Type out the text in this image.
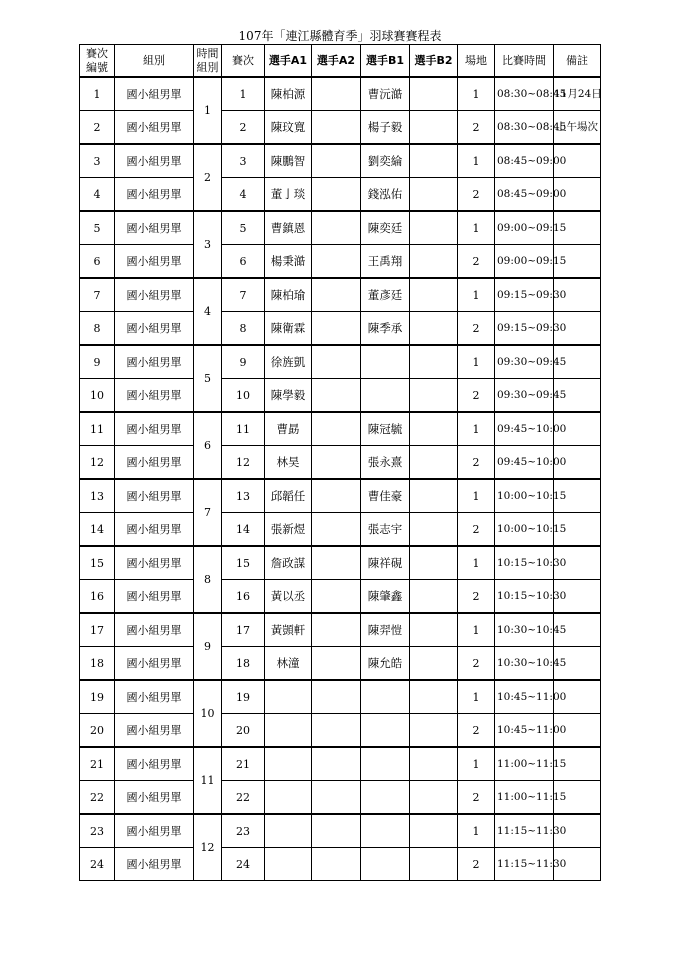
107年「連江縣體育季」羽球賽賽程表
賽次
編號	組別	時間
組別	賽次	選手A1	選手A2	選手B1	選手B2	場地	比賽時間	備註
1	國小組男單	1	1	陳柏源		曹沅澔		1	08:30~08:45	11月24日
2	國小組男單		2	陳玟寬		楊子毅		2	08:30~08:45	上午場次
3	國小組男單	2	3	陳鵬智		劉奕綸		1	08:45~09:00	
4	國小組男單		4	董亅琰		錢泓佑		2	08:45~09:00	
5	國小組男單	3	5	曹鎮恩		陳奕廷		1	09:00~09:15	
6	國小組男單		6	楊秉澔		王禹翔		2	09:00~09:15	
7	國小組男單	4	7	陳柏瑜		董彥廷		1	09:15~09:30	
8	國小組男單		8	陳衛霖		陳季承		2	09:15~09:30	
9	國小組男單	5	9	徐旌凱				1	09:30~09:45	
10	國小組男單		10	陳學毅				2	09:30~09:45	
11	國小組男單	6	11	曹勗		陳冠毓		1	09:45~10:00	
12	國小組男單		12	林昊		張永熹		2	09:45~10:00	
13	國小組男單	7	13	邱韜任		曹佳豪		1	10:00~10:15	
14	國小組男單		14	張新煜		張志宇		2	10:00~10:15	
15	國小組男單	8	15	詹政謀		陳祥硯		1	10:15~10:30	
16	國小組男單		16	黃以丞		陳肇鑫		2	10:15~10:30	
17	國小組男單	9	17	黃顗軒		陳羿愷		1	10:30~10:45	
18	國小組男單		18	林潼		陳允皓		2	10:30~10:45	
19	國小組男單	10	19					1	10:45~11:00	
20	國小組男單		20					2	10:45~11:00	
21	國小組男單	11	21					1	11:00~11:15	
22	國小組男單		22					2	11:00~11:15	
23	國小組男單	12	23					1	11:15~11:30	
24	國小組男單		24					2	11:15~11:30	
